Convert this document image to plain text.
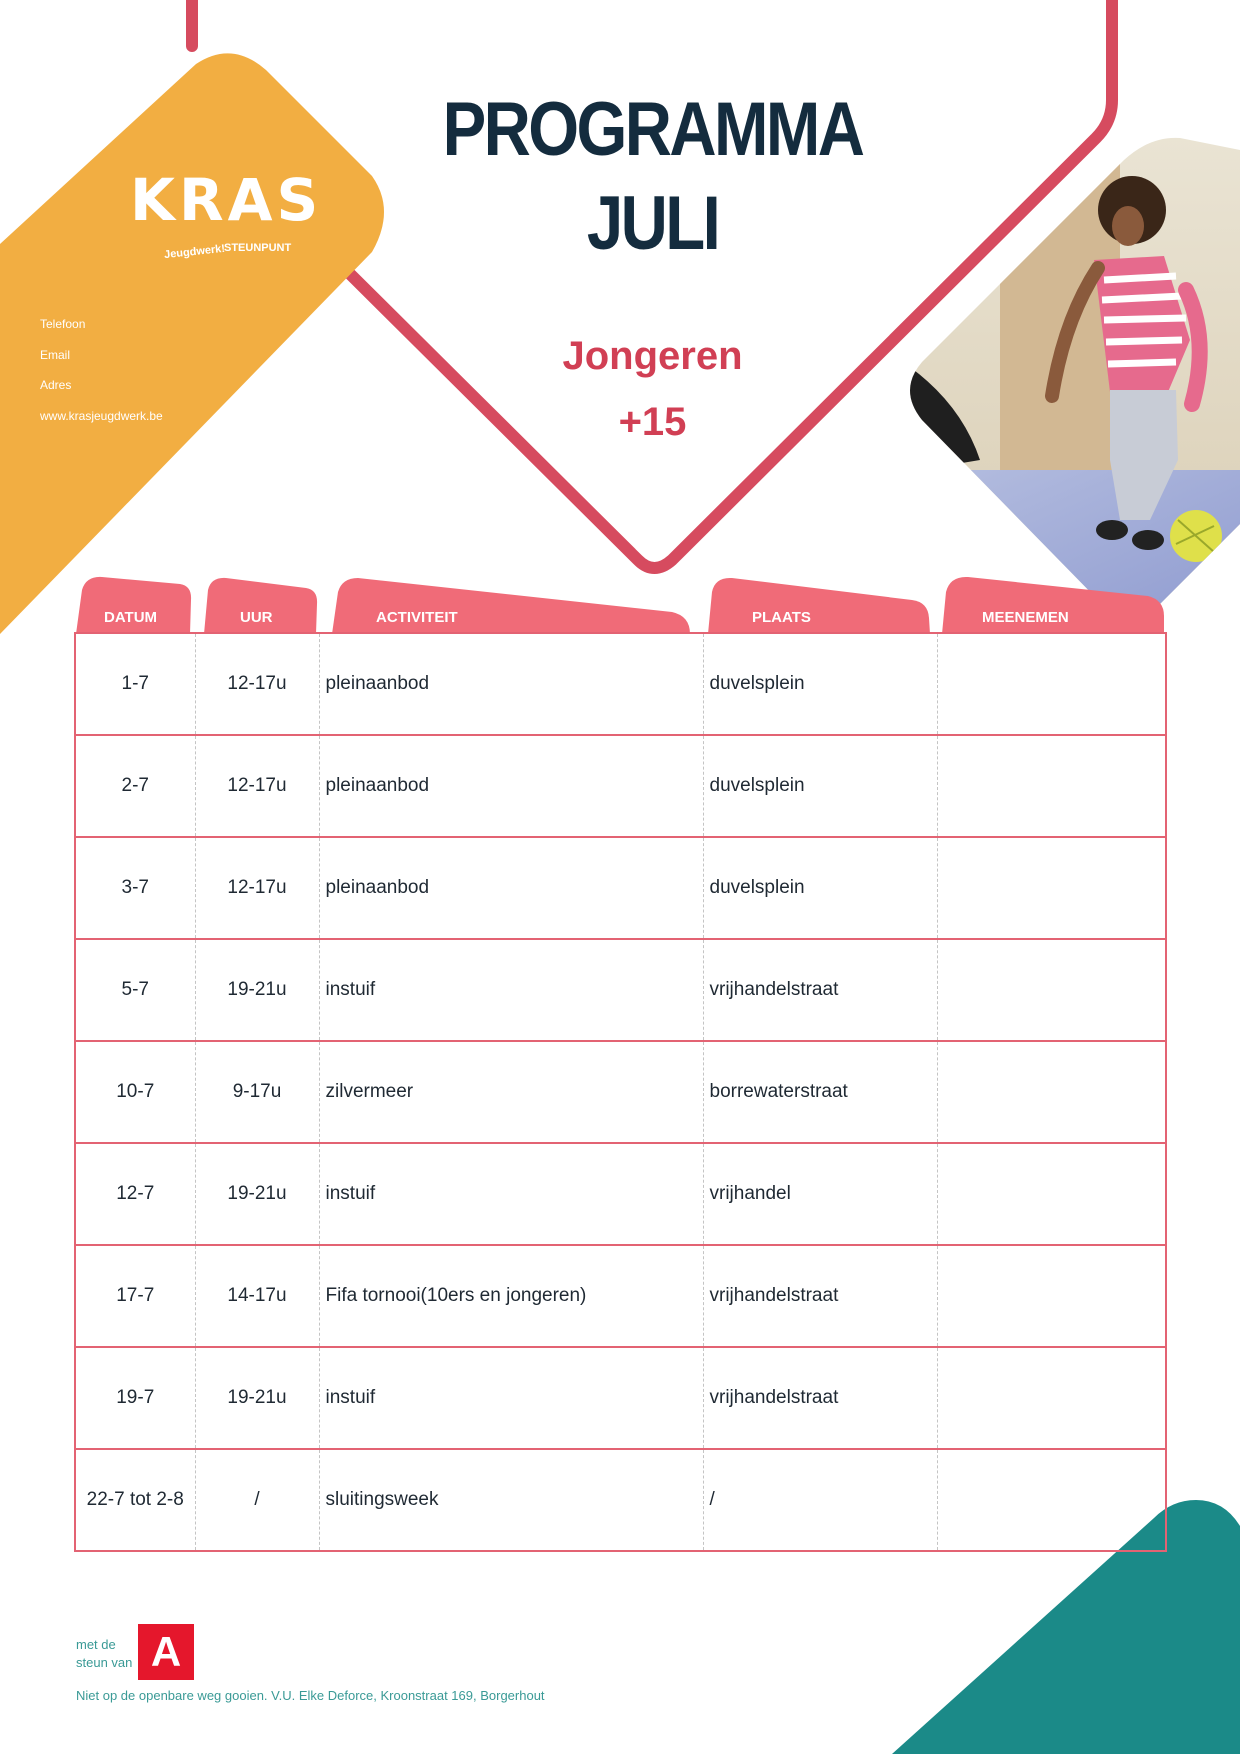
KRAS
Jeugdwerk!
STEUNPUNT
Telefoon
Email
Adres
www.krasjeugdwerk.be
PROGRAMMA
JULI
Jongeren
+15
DATUM	UUR	ACTIVITEIT	PLAATS	MEENEMEN
1-7	12-17u	pleinaanbod	duvelsplein	
2-7	12-17u	pleinaanbod	duvelsplein	
3-7	12-17u	pleinaanbod	duvelsplein	
5-7	19-21u	instuif	vrijhandelstraat	
10-7	9-17u	zilvermeer	borrewaterstraat	
12-7	19-21u	instuif	vrijhandel	
17-7	14-17u	Fifa tornooi(10ers en jongeren)	vrijhandelstraat	
19-7	19-21u	instuif	vrijhandelstraat	
22-7 tot 2-8	/	sluitingsweek	/	
met de
steun van A
Niet op de openbare weg gooien. V.U. Elke Deforce, Kroonstraat 169, Borgerhout
